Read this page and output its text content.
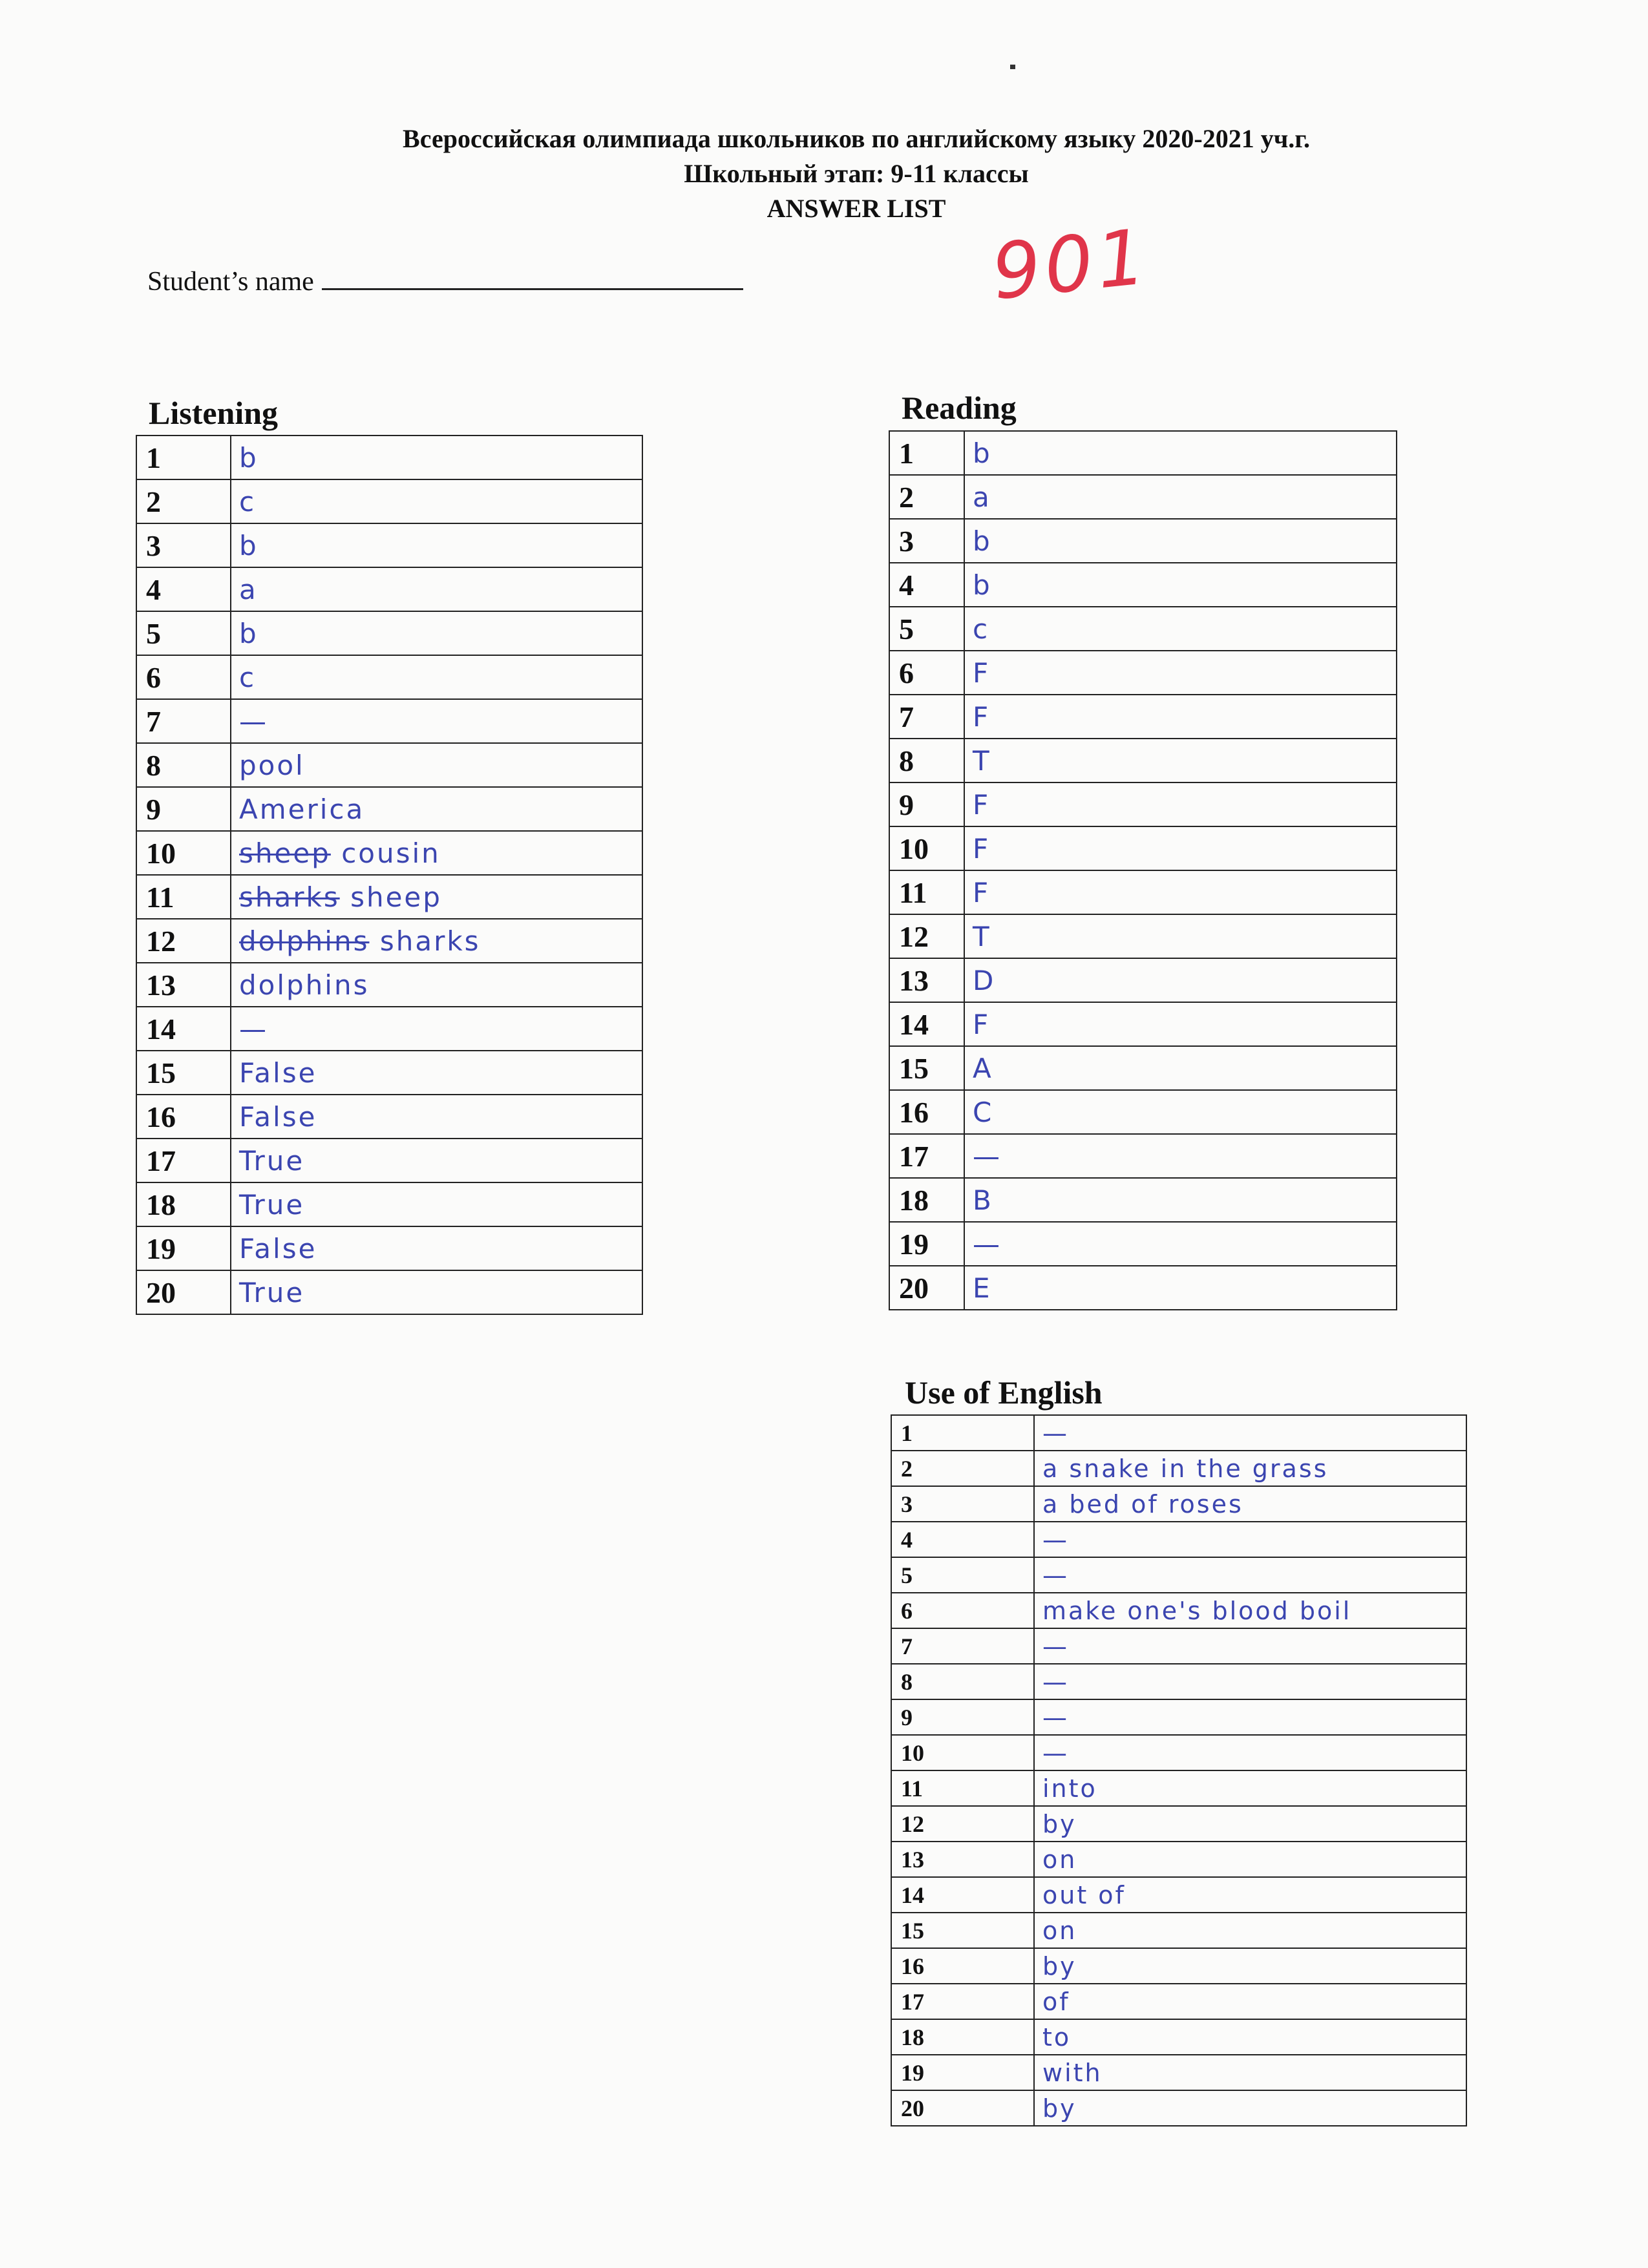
Всероссийская олимпиада школьников по английскому языку 2020-2021 уч.г.
Школьный этап: 9-11 классы
ANSWER LIST
Student’s name	901
Listening
1	b
2	c
3	b
4	a
5	b
6	c
7	—
8	pool
9	America
10	sheep cousin
11	sharks sheep
12	dolphins sharks
13	dolphins
14	—
15	False
16	False
17	True
18	True
19	False
20	True
Reading
1	b
2	a
3	b
4	b
5	c
6	F
7	F
8	T
9	F
10	F
11	F
12	T
13	D
14	F
15	A
16	C
17	—
18	B
19	—
20	E
Use of English
1	—
2	a snake in the grass
3	a bed of roses
4	—
5	—
6	make one's blood boil
7	—
8	—
9	—
10	—
11	into
12	by
13	on
14	out of
15	on
16	by
17	of
18	to
19	with
20	by
